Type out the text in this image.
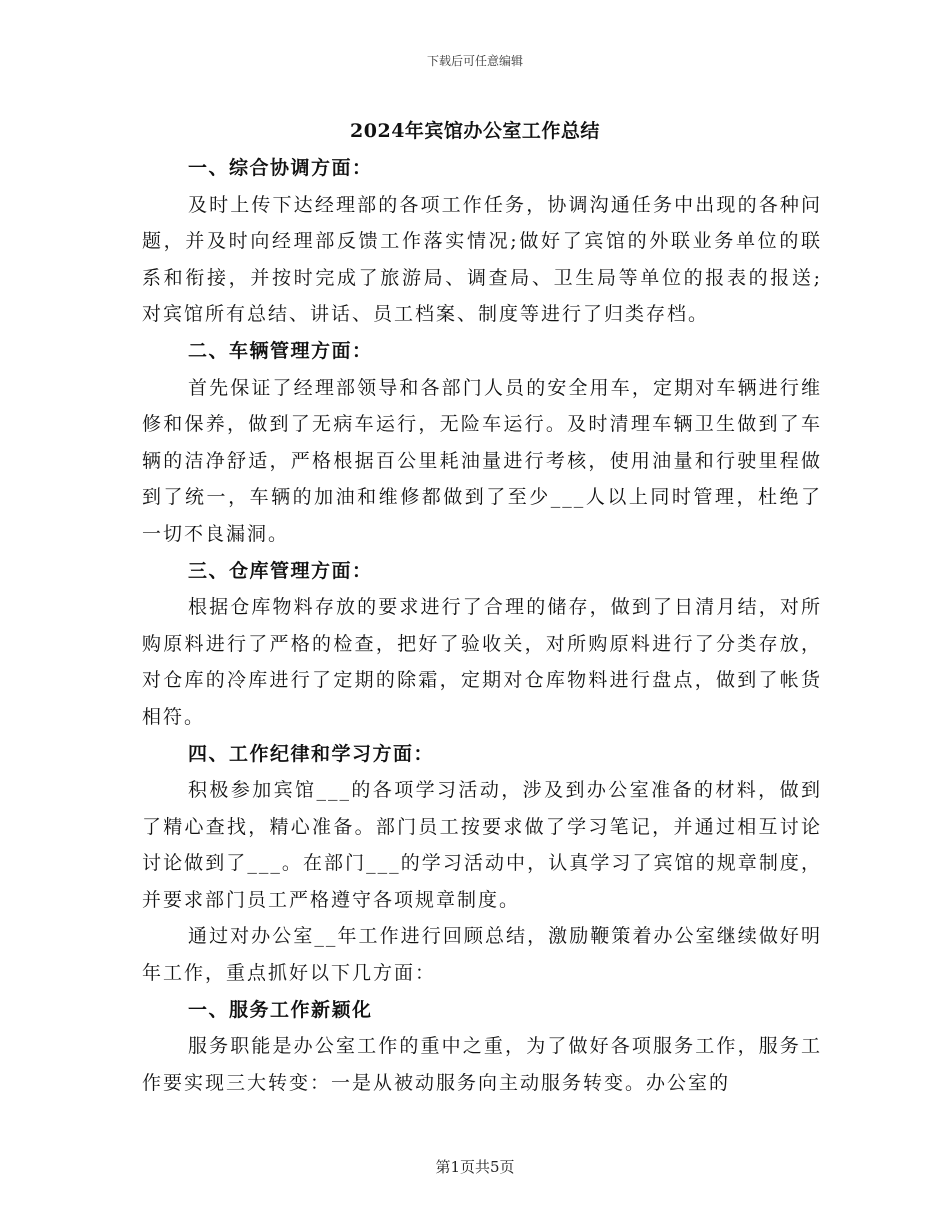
下载后可任意编辑
2024年宾馆办公室工作总结

一、综合协调方面：

及时上传下达经理部的各项工作任务，协调沟通任务中出现的各种问题，并及时向经理部反馈工作落实情况;做好了宾馆的外联业务单位的联系和衔接，并按时完成了旅游局、调查局、卫生局等单位的报表的报送;对宾馆所有总结、讲话、员工档案、制度等进行了归类存档。

二、车辆管理方面：

首先保证了经理部领导和各部门人员的安全用车，定期对车辆进行维修和保养，做到了无病车运行，无险车运行。及时清理车辆卫生做到了车辆的洁净舒适，严格根据百公里耗油量进行考核，使用油量和行驶里程做到了统一，车辆的加油和维修都做到了至少___人以上同时管理，杜绝了一切不良漏洞。

三、仓库管理方面：

根据仓库物料存放的要求进行了合理的储存，做到了日清月结，对所购原料进行了严格的检查，把好了验收关，对所购原料进行了分类存放，对仓库的冷库进行了定期的除霜，定期对仓库物料进行盘点，做到了帐货相符。

四、工作纪律和学习方面：

积极参加宾馆___的各项学习活动，涉及到办公室准备的材料，做到了精心查找，精心准备。部门员工按要求做了学习笔记，并通过相互讨论讨论做到了___。在部门___的学习活动中，认真学习了宾馆的规章制度，并要求部门员工严格遵守各项规章制度。

通过对办公室__年工作进行回顾总结，激励鞭策着办公室继续做好明年工作，重点抓好以下几方面：

一、服务工作新颖化

服务职能是办公室工作的重中之重，为了做好各项服务工作，服务工作要实现三大转变：一是从被动服务向主动服务转变。办公室的

第1页共5页
